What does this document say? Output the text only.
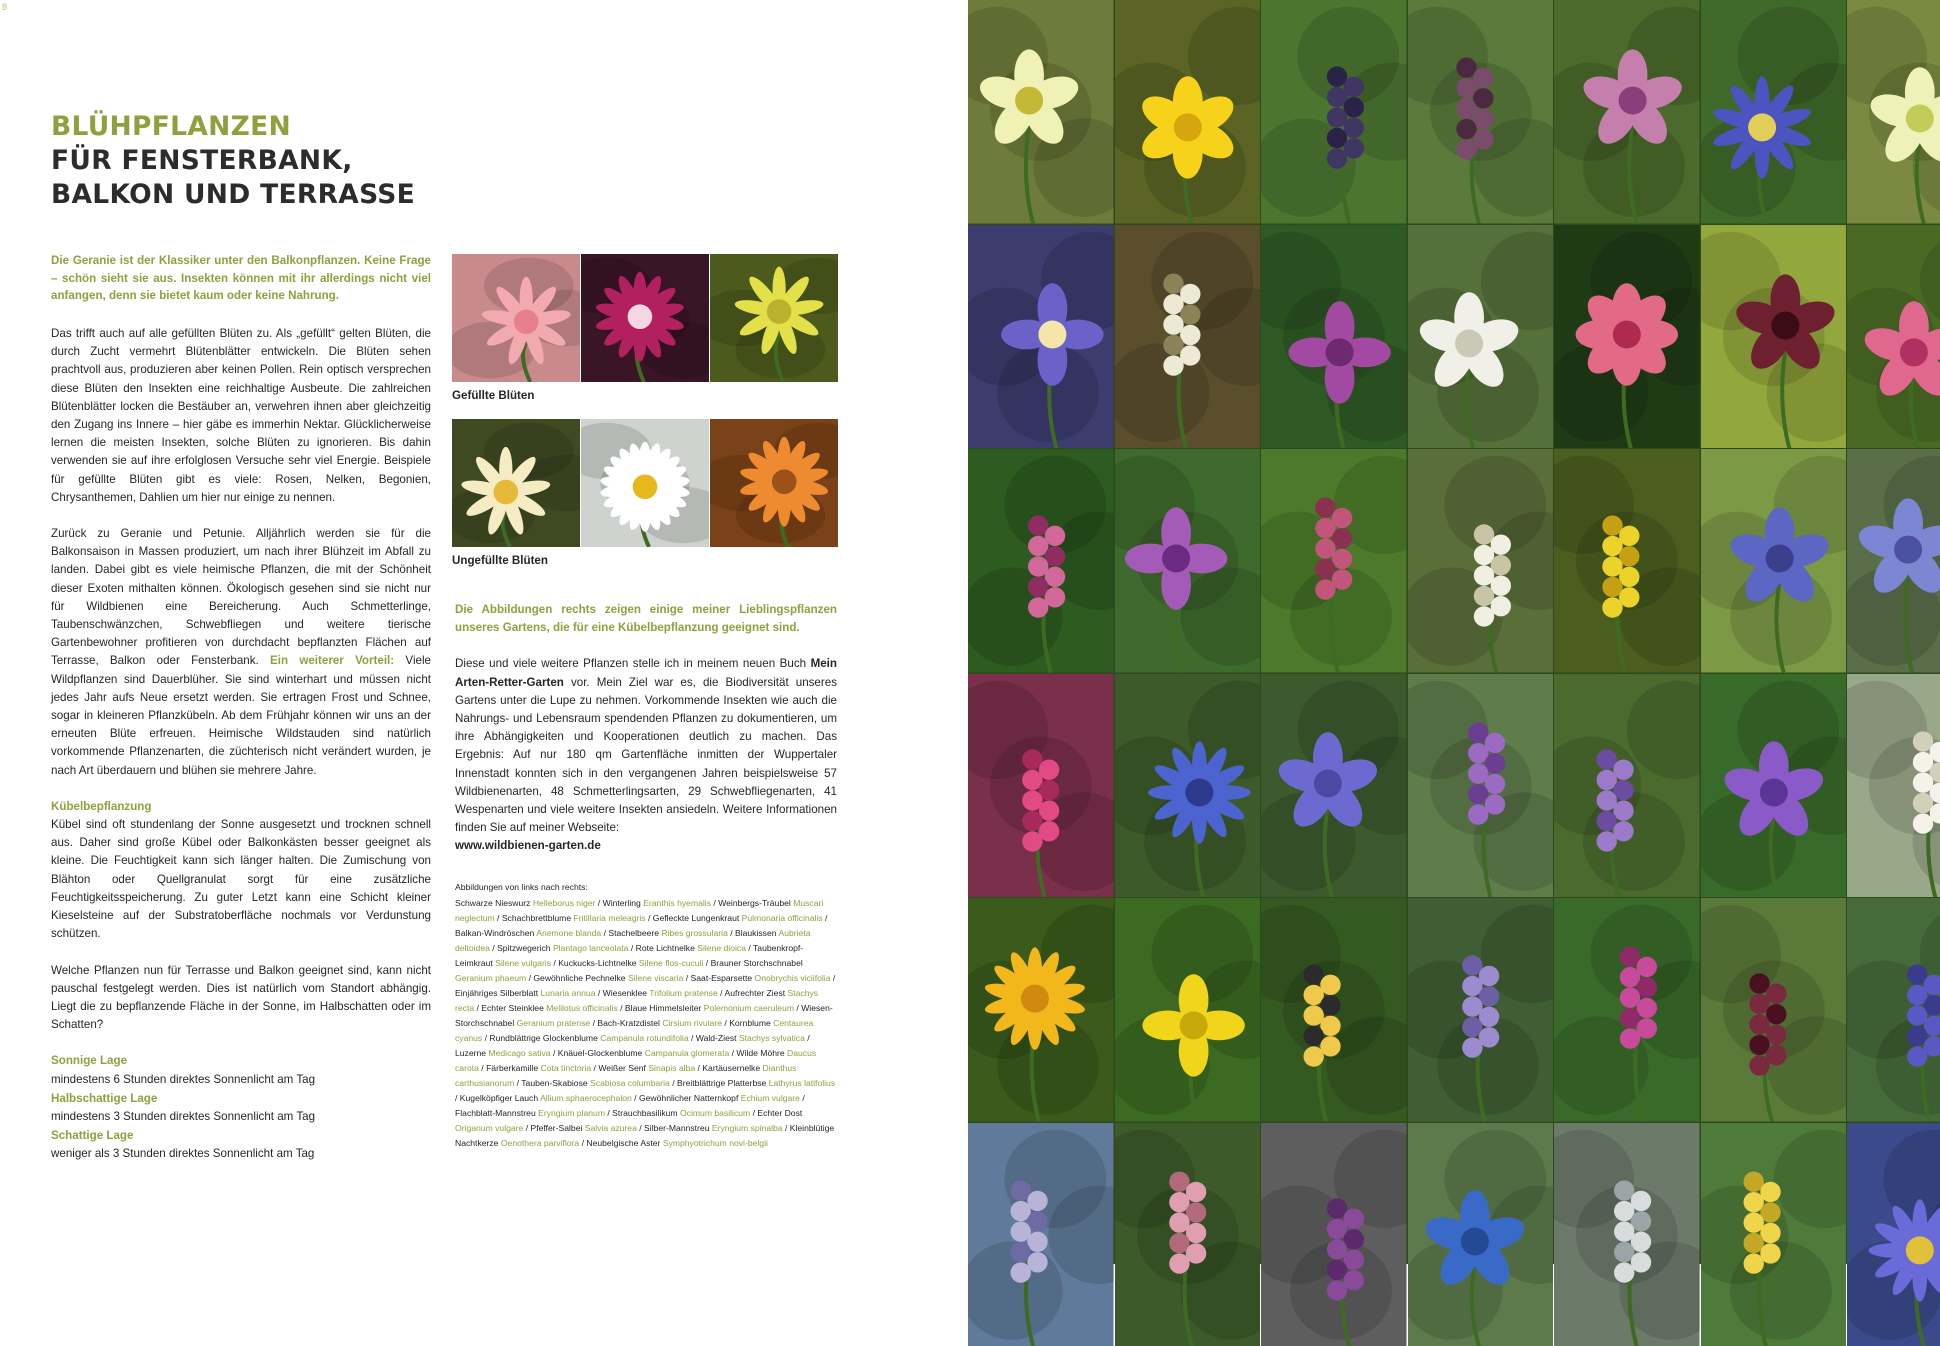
8
BLÜHPFLANZEN
FÜR FENSTERBANK,
BALKON UND TERRASSE

Die Geranie ist der Klassiker unter den Balkonpflanzen. Keine Frage – schön sieht sie aus. Insekten können mit ihr allerdings nicht viel anfangen, denn sie bietet kaum oder keine Nahrung.

Das trifft auch auf alle gefüllten Blüten zu. Als „gefüllt“ gelten Blüten, die durch Zucht vermehrt Blütenblätter entwickeln. Die Blüten sehen prachtvoll aus, produzieren aber keinen Pollen. Rein optisch versprechen diese Blüten den Insekten eine reichhaltige Ausbeute. Die zahlreichen Blütenblätter locken die Bestäuber an, verwehren ihnen aber gleichzeitig den Zugang ins Innere – hier gäbe es immerhin Nektar. Glücklicherweise lernen die meisten Insekten, solche Blüten zu ignorieren. Bis dahin verwenden sie auf ihre erfolglosen Versuche sehr viel Energie. Beispiele für gefüllte Blüten gibt es viele: Rosen, Nelken, Begonien, Chrysanthemen, Dahlien um hier nur einige zu nennen.

Zurück zu Geranie und Petunie. Alljährlich werden sie für die Balkonsaison in Massen produziert, um nach ihrer Blühzeit im Abfall zu landen. Dabei gibt es viele heimische Pflanzen, die mit der Schönheit dieser Exoten mithalten können. Ökologisch gesehen sind sie nicht nur für Wildbienen eine Bereicherung. Auch Schmetterlinge, Taubenschwänzchen, Schwebfliegen und weitere tierische Gartenbewohner profitieren von durchdacht bepflanzten Flächen auf Terrasse, Balkon oder Fensterbank. Ein weiterer Vorteil: Viele Wildpflanzen sind Dauerblüher. Sie sind winterhart und müssen nicht jedes Jahr aufs Neue ersetzt werden. Sie ertragen Frost und Schnee, sogar in kleineren Pflanzkübeln. Ab dem Frühjahr können wir uns an der erneuten Blüte erfreuen. Heimische Wildstauden sind natürlich vorkommende Pflanzenarten, die züchterisch nicht verändert wurden, je nach Art überdauern und blühen sie mehrere Jahre.

Kübelbepflanzung
Kübel sind oft stundenlang der Sonne ausgesetzt und trocknen schnell aus. Daher sind große Kübel oder Balkonkästen besser geeignet als kleine. Die Feuchtigkeit kann sich länger halten. Die Zumischung von Blähton oder Quellgranulat sorgt für eine zusätzliche Feuchtigkeitsspeicherung. Zu guter Letzt kann eine Schicht kleiner Kieselsteine auf der Substratoberfläche nochmals vor Verdunstung schützen.

Welche Pflanzen nun für Terrasse und Balkon geeignet sind, kann nicht pauschal festgelegt werden. Dies ist natürlich vom Standort abhängig. Liegt die zu bepflanzende Fläche in der Sonne, im Halbschatten oder im Schatten?

Sonnige Lage
mindestens 6 Stunden direktes Sonnenlicht am Tag
Halbschattige Lage
mindestens 3 Stunden direktes Sonnenlicht am Tag
Schattige Lage
weniger als 3 Stunden direktes Sonnenlicht am Tag
Gefüllte Blüten
Ungefüllte Blüten

Die Abbildungen rechts zeigen einige meiner Lieblingspflanzen unseres Gartens, die für eine Kübelbepflanzung geeignet sind.

Diese und viele weitere Pflanzen stelle ich in meinem neuen Buch Mein Arten-Retter-Garten vor. Mein Ziel war es, die Biodiversität unseres Gartens unter die Lupe zu nehmen. Vorkommende Insekten wie auch die Nahrungs- und Lebensraum spendenden Pflanzen zu dokumentieren, um ihre Abhängigkeiten und Kooperationen deutlich zu machen. Das Ergebnis: Auf nur 180 qm Gartenfläche inmitten der Wuppertaler Innenstadt konnten sich in den vergangenen Jahren beispielsweise 57 Wildbienenarten, 48 Schmetterlingsarten, 29 Schwebfliegenarten, 41 Wespenarten und viele weitere Insekten ansiedeln. Weitere Informationen finden Sie auf meiner Webseite:
www.wildbienen-garten.de

Abbildungen von links nach rechts:
Schwarze Nieswurz Helleborus niger / Winterling Eranthis hyemalis / Weinbergs-Träubel Muscari neglectum / Schachbrettblume Fritillaria meleagris / Gefleckte Lungenkraut Pulmonaria officinalis / Balkan-Windröschen Anemone blanda / Stachelbeere Ribes grossularia / Blaukissen Aubrieta deltoidea / Spitzwegerich Plantago lanceolata / Rote Lichtnelke Silene dioica / Taubenkropf-Leimkraut Silene vulgaris / Kuckucks-Lichtnelke Silene flos-cuculi / Brauner Storchschnabel Geranium phaeum / Gewöhnliche Pechnelke Silene viscaria / Saat-Esparsette Onobrychis viciifolia / Einjähriges Silberblatt Lunaria annua / Wiesenklee Trifolium pratense / Aufrechter Ziest Stachys recta / Echter Steinklee Melilotus officinalis / Blaue Himmelsleiter Polemonium caeruleum / Wiesen-Storchschnabel Geranium pratense / Bach-Kratzdistel Cirsium rivulare / Kornblume Centaurea cyanus / Rundblättrige Glockenblume Campanula rotundifolia / Wald-Ziest Stachys sylvatica / Luzerne Medicago sativa / Knäuel-Glockenblume Campanula glomerata / Wilde Möhre Daucus carota / Färberkamille Cota tinctoria / Weißer Senf Sinapis alba / Kartäusernelke Dianthus carthusianorum / Tauben-Skabiose Scabiosa columbaria / Breitblättrige Platterbse Lathyrus latifolius / Kugelköpfiger Lauch Allium sphaerocephalon / Gewöhnlicher Natternkopf Echium vulgare / Flachblatt-Mannstreu Eryngium planum / Strauchbasilikum Ocimum basilicum / Echter Dost Origanum vulgare / Pfeffer-Salbei Salvia azurea / Silber-Mannstreu Eryngium spinalba / Kleinblütige Nachtkerze Oenothera parviflora / Neubelgische Aster Symphyotrichum novi-belgii
